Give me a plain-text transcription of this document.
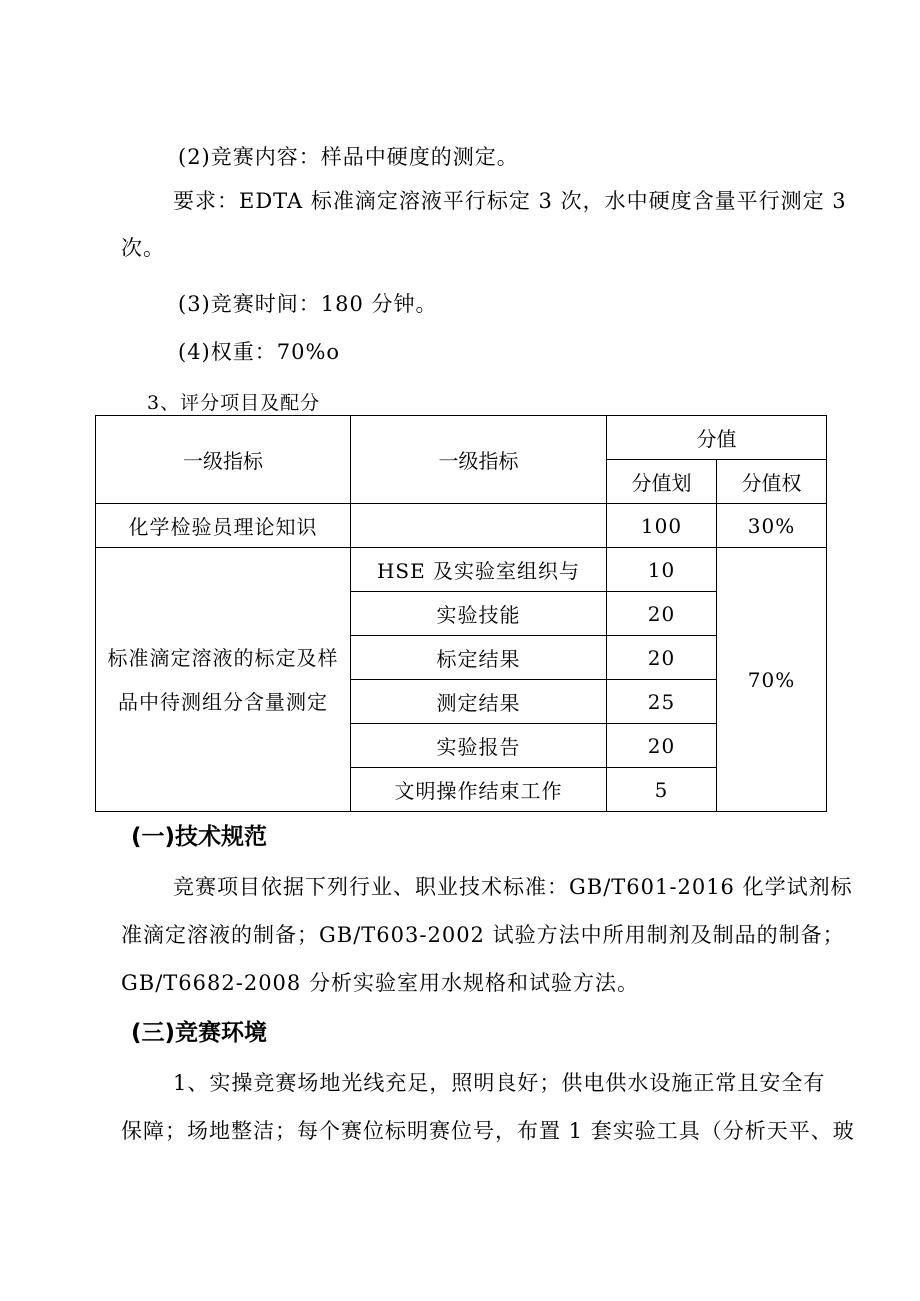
(2)竞赛内容：样品中硬度的测定。
要求：EDTA 标准滴定溶液平行标定 3 次，水中硬度含量平行测定 3
次。
(3)竞赛时间：180 分钟。
(4)权重：70%o
3、评分项目及配分
一级指标	一级指标	分值	
		分值划	分值权
化学检验员理论知识		100	30%
标准滴定溶液的标定及样
品中待测组分含量测定	HSE 及实验室组织与	10	70%
	实验技能	20	
	标定结果	20	
	测定结果	25	
	实验报告	20	
	文明操作结束工作	5	
(一)技术规范
竞赛项目依据下列行业、职业技术标准：GB/T601-2016 化学试剂标
准滴定溶液的制备；GB/T603-2002 试验方法中所用制剂及制品的制备；
GB/T6682-2008 分析实验室用水规格和试验方法。
(三)竞赛环境
1、实操竞赛场地光线充足，照明良好；供电供水设施正常且安全有
保障；场地整洁；每个赛位标明赛位号，布置 1 套实验工具（分析天平、玻
